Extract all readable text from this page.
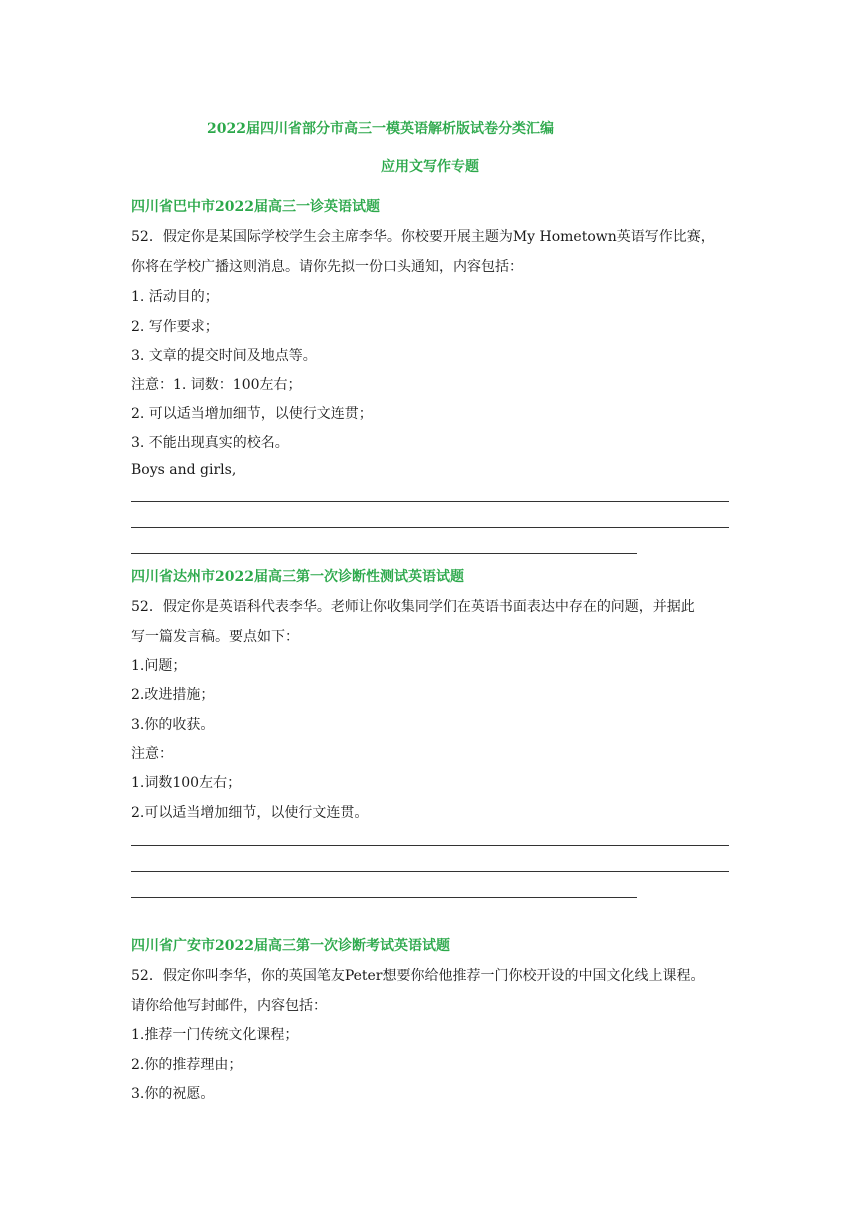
2022届四川省部分市高三一模英语解析版试卷分类汇编
应用文写作专题
四川省巴中市2022届高三一诊英语试题
52．假定你是某国际学校学生会主席李华。你校要开展主题为My Hometown英语写作比赛，
你将在学校广播这则消息。请你先拟一份口头通知，内容包括：
1. 活动目的；
2. 写作要求；
3. 文章的提交时间及地点等。
注意：1. 词数：100左右；
2. 可以适当增加细节，以使行文连贯；
3. 不能出现真实的校名。
Boys and girls,
四川省达州市2022届高三第一次诊断性测试英语试题
52．假定你是英语科代表李华。老师让你收集同学们在英语书面表达中存在的问题，并据此
写一篇发言稿。要点如下：
1.问题；
2.改进措施；
3.你的收获。
注意：
1.词数100左右；
2.可以适当增加细节，以使行文连贯。
四川省广安市2022届高三第一次诊断考试英语试题
52．假定你叫李华，你的英国笔友Peter想要你给他推荐一门你校开设的中国文化线上课程。
请你给他写封邮件，内容包括：
1.推荐一门传统文化课程；
2.你的推荐理由；
3.你的祝愿。
